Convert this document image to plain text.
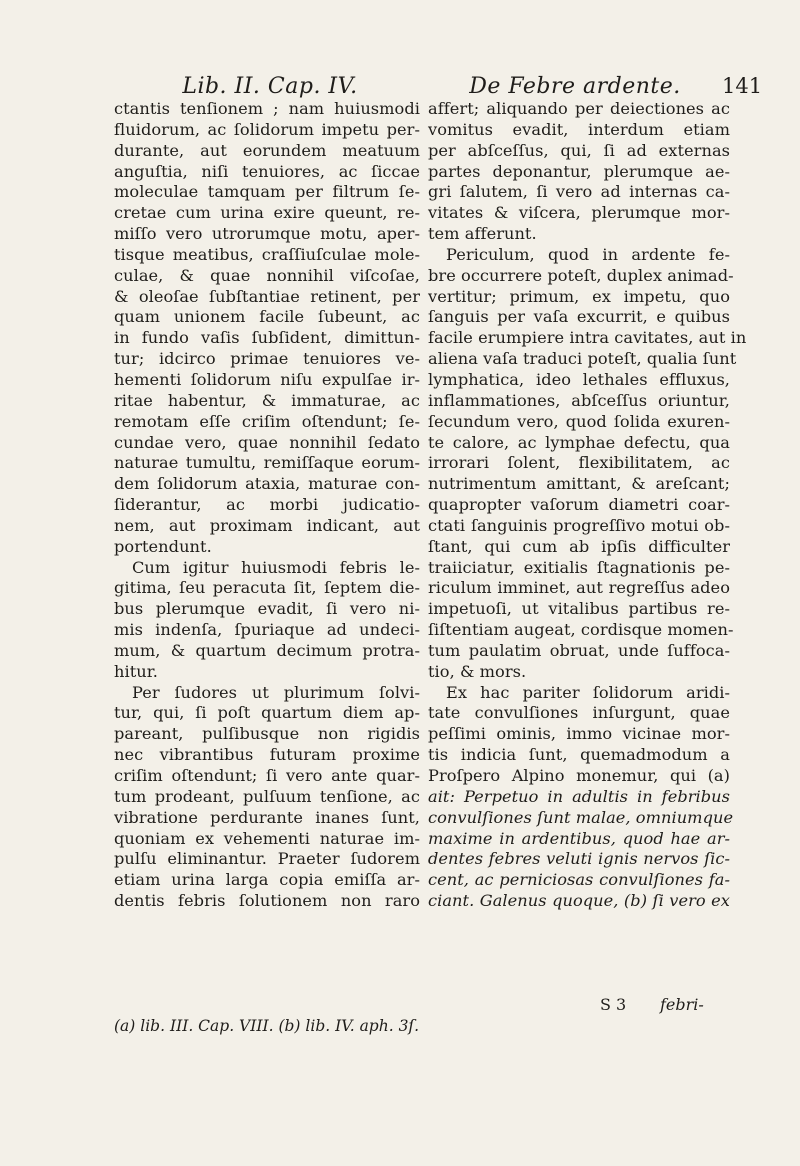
Lib. II. Cap. IV.	De Febre ardente.	141
ctantis tenſionem ; nam huiusmodi
fluidorum, ac ſolidorum impetu per-
durante, aut eorundem meatuum
anguſtia, niſi tenuiores, ac ſiccae
moleculae tamquam per filtrum ſe-
cretae cum urina exire queunt, re-
miſſo vero utrorumque motu, aper-
tisque meatibus, craſſiuſculae mole-
culae, & quae nonnihil viſcoſae,
& oleoſae ſubſtantiae retinent, per
quam unionem facile ſubeunt, ac
in fundo vaſis ſubſident, dimittun-
tur; idcirco primae tenuiores ve-
hementi ſolidorum niſu expulſae ir-
ritae habentur, & immaturae, ac
remotam eſſe criſim oſtendunt; ſe-
cundae vero, quae nonnihil ſedato
naturae tumultu, remiſſaque eorum-
dem ſolidorum ataxia, maturae con-
ſiderantur, ac morbi judicatio-
nem, aut proximam indicant, aut
portendunt.
Cum igitur huiusmodi febris le-
gitima, ſeu peracuta ſit, ſeptem die-
bus plerumque evadit, ſi vero ni-
mis indenſa, ſpuriaque ad undeci-
mum, & quartum decimum protra-
hitur.
Per ſudores ut plurimum ſolvi-
tur, qui, ſi poſt quartum diem ap-
pareant, pulſibusque non rigidis
nec vibrantibus futuram proxime
criſim oſtendunt; ſi vero ante quar-
tum prodeant, pulſuum tenſione, ac
vibratione perdurante inanes ſunt,
quoniam ex vehementi naturae im-
pulſu eliminantur. Praeter ſudorem
etiam urina larga copia emiſſa ar-
dentis febris ſolutionem non raro
affert; aliquando per deiectiones ac
vomitus evadit, interdum etiam
per abſceſſus, qui, ſi ad externas
partes deponantur, plerumque ae-
gri ſalutem, ſi vero ad internas ca-
vitates & viſcera, plerumque mor-
tem afferunt.
Periculum, quod in ardente fe-
bre occurrere poteſt, duplex animad-
vertitur; primum, ex impetu, quo
ſanguis per vaſa excurrit, e quibus
facile erumpiere intra cavitates, aut in
aliena vaſa traduci poteſt, qualia ſunt
lymphatica, ideo lethales effluxus,
inflammationes, abſceſſus oriuntur,
ſecundum vero, quod ſolida exuren-
te calore, ac lymphae defectu, qua
irrorari ſolent, flexibilitatem, ac
nutrimentum amittant, & areſcant;
quapropter vaſorum diametri coar-
ctati ſanguinis progreſſivo motui ob-
ſtant, qui cum ab ipſis difficulter
traiiciatur, exitialis ſtagnationis pe-
riculum imminet, aut regreſſus adeo
impetuoſi, ut vitalibus partibus re-
ſiſtentiam augeat, cordisque momen-
tum paulatim obruat, unde ſuffoca-
tio, & mors.
Ex hac pariter ſolidorum aridi-
tate convulſiones inſurgunt, quae
peſſimi ominis, immo vicinae mor-
tis indicia ſunt, quemadmodum a
Proſpero Alpino monemur, qui (a)
ait: Perpetuo in adultis in febribus
convulſiones ſunt malae, omniumque
maxime in ardentibus, quod hae ar-
dentes febres veluti ignis nervos ſic-
cent, ac perniciosas convulſiones fa-
ciant. Galenus quoque, (b) ſi vero ex
S 3 febri-
(a) lib. III. Cap. VIII. (b) lib. IV. aph. 3ſ.
